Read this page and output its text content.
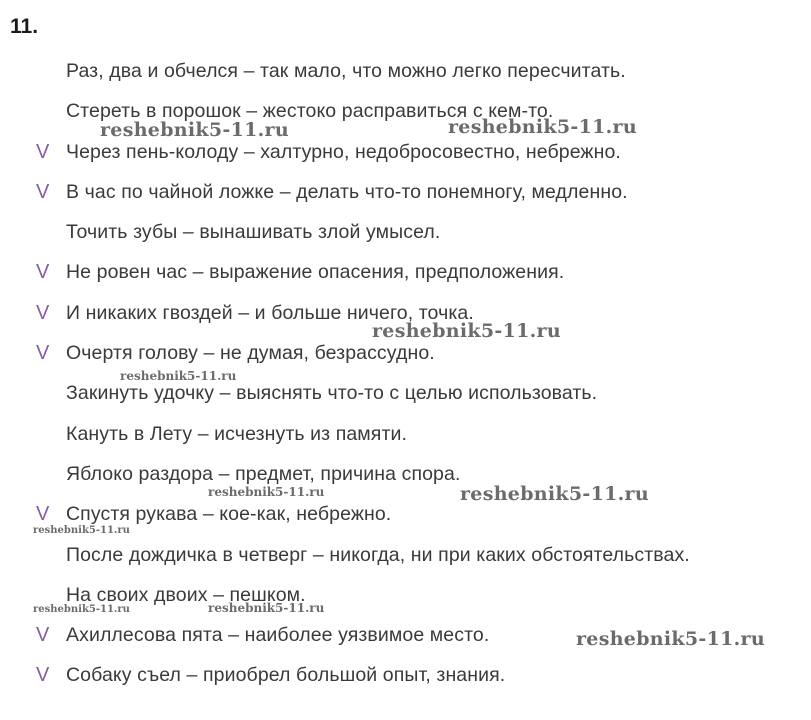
11.
Раз, два и обчелся – так мало, что можно легко пересчитать.
Стереть в порошок – жестоко расправиться с кем-то.
V Через пень-колоду – халтурно, недобросовестно, небрежно.
V В час по чайной ложке – делать что-то понемногу, медленно.
Точить зубы – вынашивать злой умысел.
V Не ровен час – выражение опасения, предположения.
V И никаких гвоздей – и больше ничего, точка.
V Очертя голову – не думая, безрассудно.
Закинуть удочку – выяснять что-то с целью использовать.
Кануть в Лету – исчезнуть из памяти.
Яблоко раздора – предмет, причина спора.
V Спустя рукава – кое-как, небрежно.
После дождичка в четверг – никогда, ни при каких обстоятельствах.
На своих двоих – пешком.
V Ахиллесова пята – наиболее уязвимое место.
V Собаку съел – приобрел большой опыт, знания.
reshebnik5-11.ru	reshebnik5-11.ru
reshebnik5-11.ru
reshebnik5-11.ru
reshebnik5-11.ru	reshebnik5-11.ru
reshebnik5-11.ru
reshebnik5-11.ru	reshebnik5-11.ru
reshebnik5-11.ru
